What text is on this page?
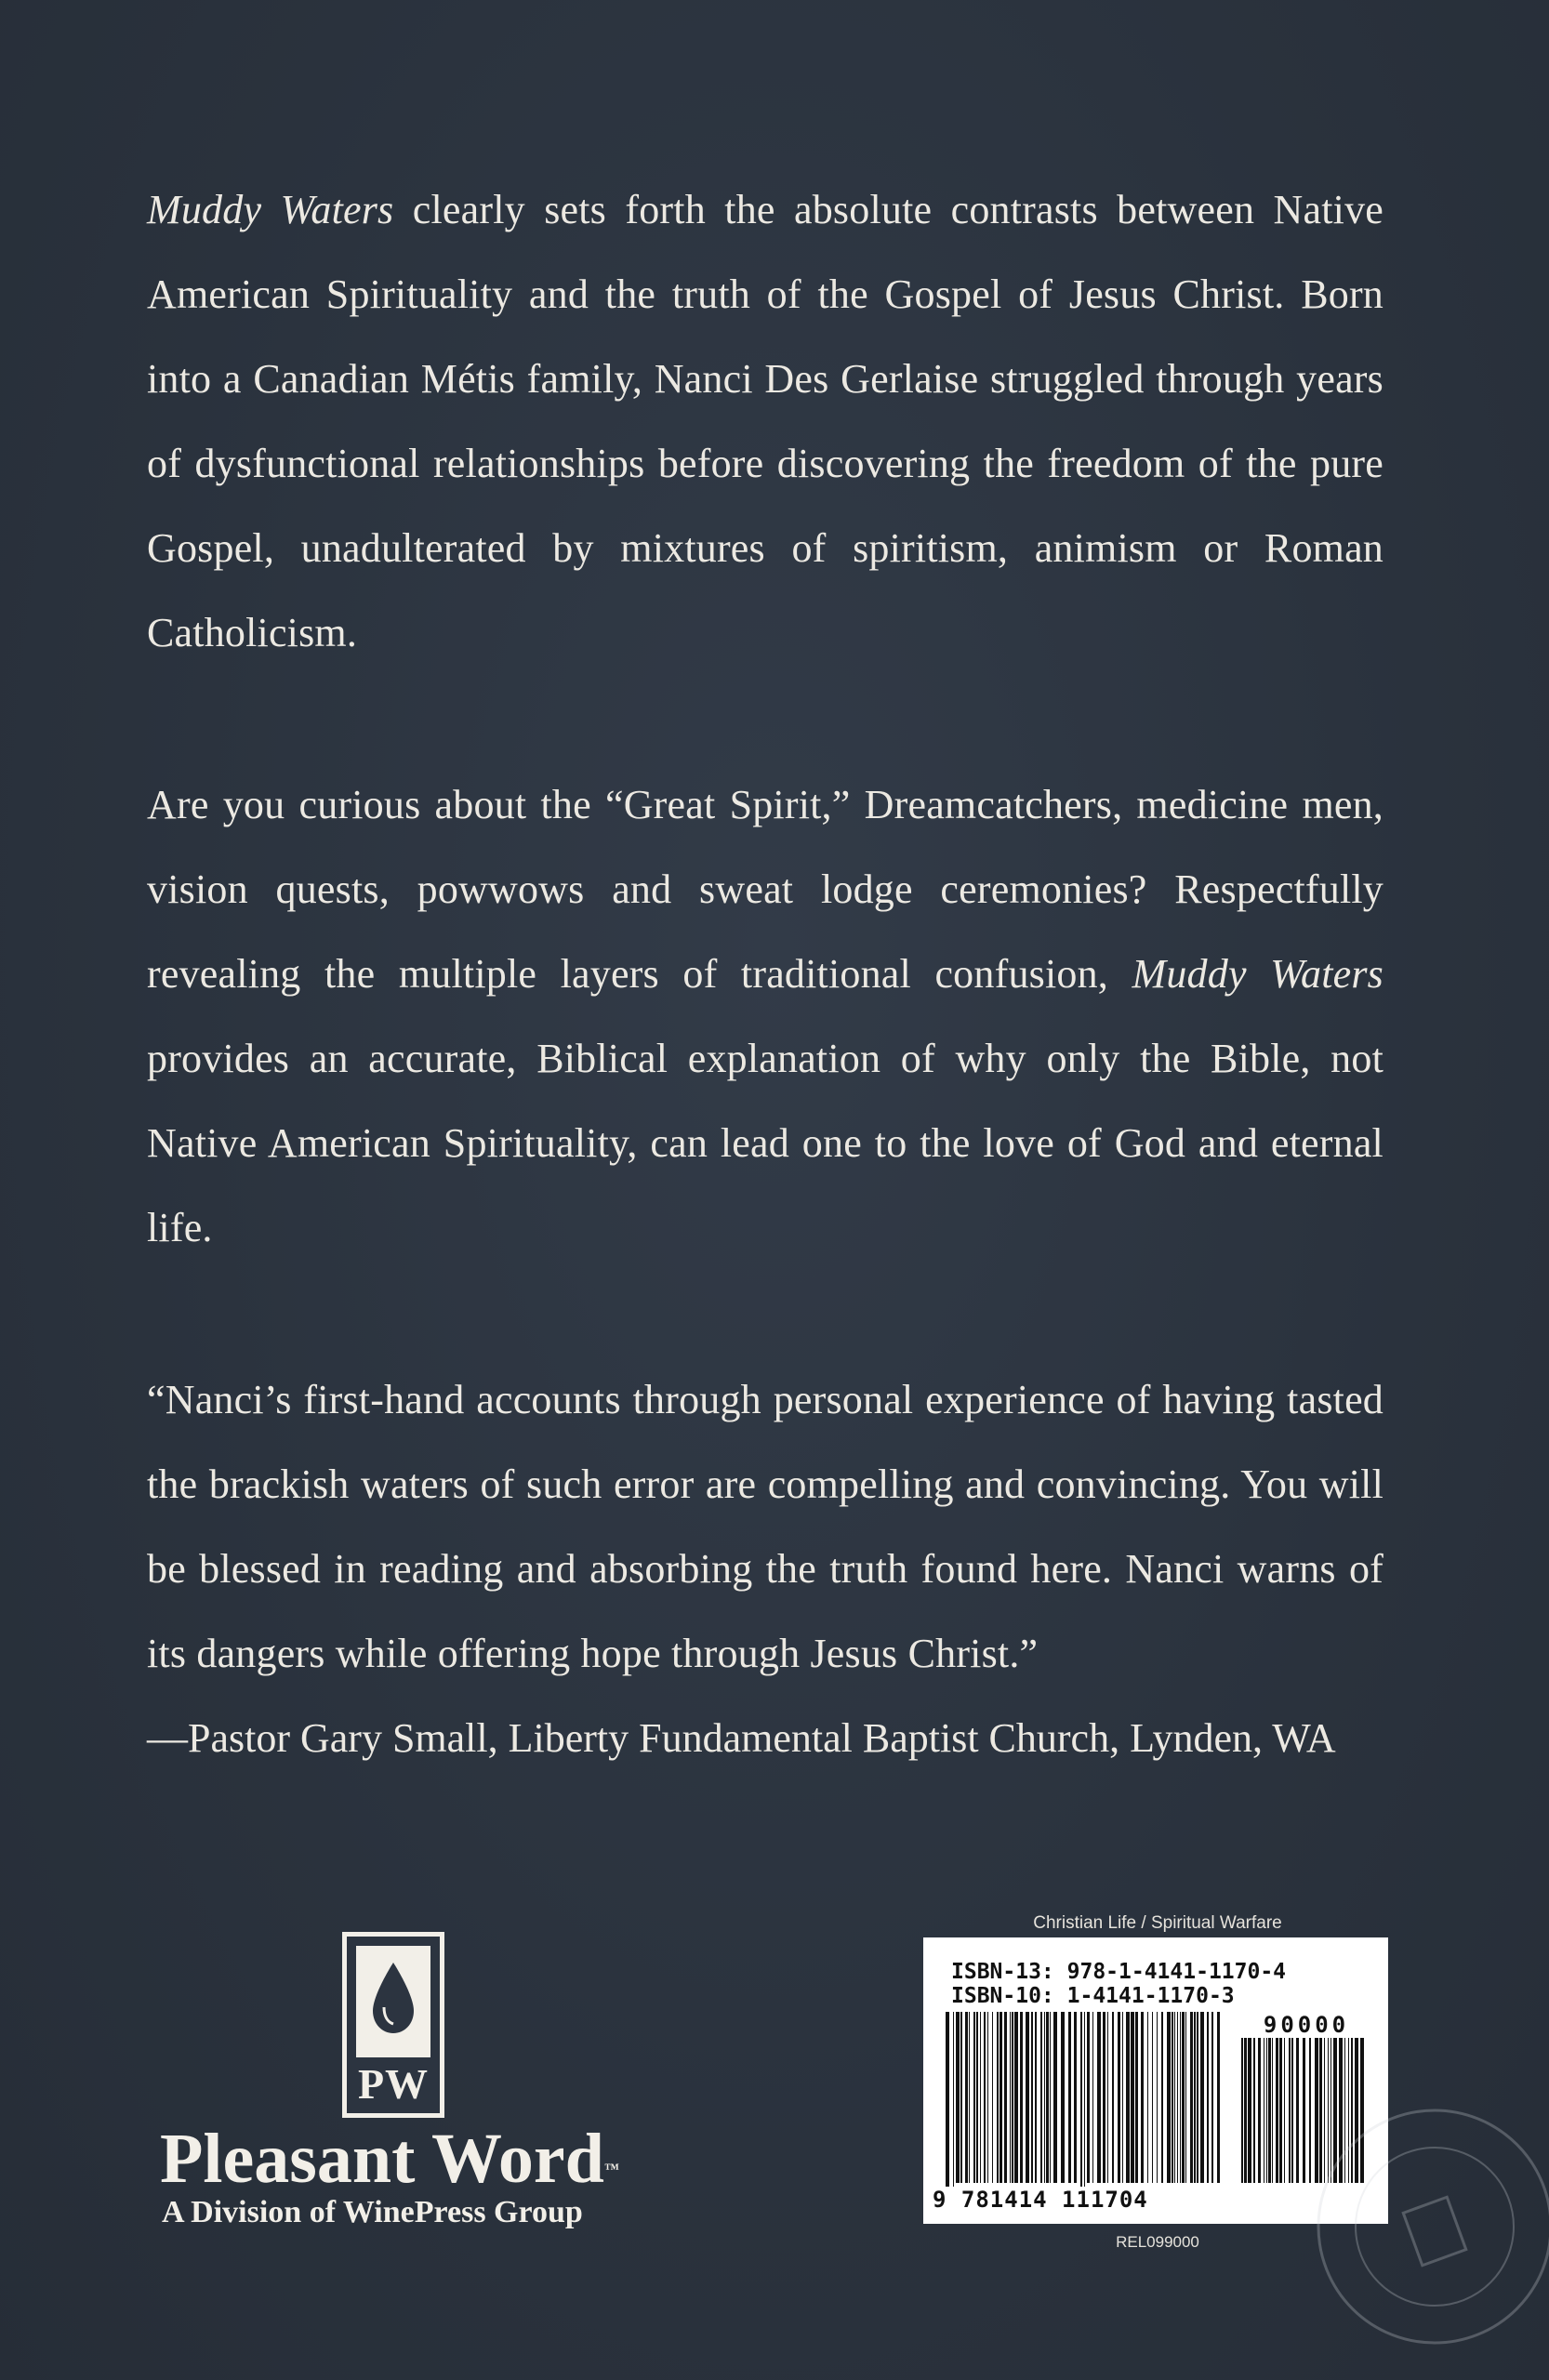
Muddy Waters clearly sets forth the absolute contrasts between Native American Spirituality and the truth of the Gospel of Jesus Christ. Born into a Canadian Métis family, Nanci Des Gerlaise struggled through years of dysfunctional relationships before discovering the freedom of the pure Gospel, unadulterated by mixtures of spiritism, animism or Roman Catholicism.
Are you curious about the “Great Spirit,” Dreamcatchers, medicine men, vision quests, powwows and sweat lodge ceremonies? Respectfully revealing the multiple layers of traditional confusion, Muddy Waters provides an accurate, Biblical explanation of why only the Bible, not Native American Spirituality, can lead one to the love of God and eternal life.
“Nanci’s first-hand accounts through personal experience of having tasted the brackish waters of such error are compelling and convincing. You will be blessed in reading and absorbing the truth found here. Nanci warns of its dangers while offering hope through Jesus Christ.”
—Pastor Gary Small, Liberty Fundamental Baptist Church, Lynden, WA
PW
Pleasant Word™
A Division of WinePress Group
Christian Life / Spiritual Warfare
ISBN-13: 978-1-4141-1170-4
ISBN-10: 1-4141-1170-3
90000
9 781414 111704
REL099000
